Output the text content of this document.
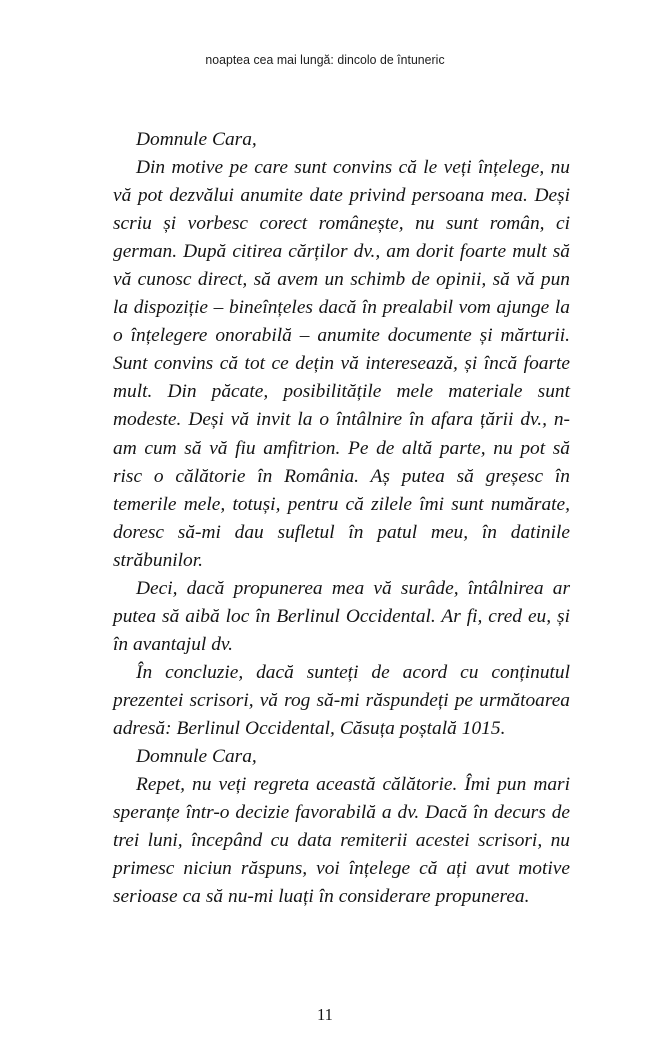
noaptea cea mai lungă: dincolo de întuneric

Domnule Cara,

Din motive pe care sunt convins că le veți înțelege, nu vă pot dezvălui anumite date privind persoana mea. Deși scriu și vorbesc corect românește, nu sunt român, ci german. După citirea cărților dv., am dorit foarte mult să vă cunosc direct, să avem un schimb de opinii, să vă pun la dispoziție – bineînțeles dacă în prealabil vom ajunge la o înțelegere onorabilă – anumite documente și mărturii. Sunt convins că tot ce dețin vă interesează, și încă foarte mult. Din păcate, posibilitățile mele materiale sunt modeste. Deși vă invit la o întâlnire în afara țării dv., n-am cum să vă fiu amfitrion. Pe de altă parte, nu pot să risc o călătorie în România. Aș putea să greșesc în temerile mele, totuși, pentru că zilele îmi sunt numărate, doresc să-mi dau sufletul în patul meu, în datinile străbunilor.

Deci, dacă propunerea mea vă surâde, întâlnirea ar putea să aibă loc în Berlinul Occidental. Ar fi, cred eu, și în avantajul dv.

În concluzie, dacă sunteți de acord cu conținutul prezentei scrisori, vă rog să-mi răspundeți pe următoarea adresă: Berlinul Occidental, Căsuța poștală 1015.

Domnule Cara,

Repet, nu veți regreta această călătorie. Îmi pun mari speranțe într-o decizie favorabilă a dv. Dacă în decurs de trei luni, începând cu data remiterii acestei scrisori, nu primesc niciun răspuns, voi înțelege că ați avut motive serioase ca să nu-mi luați în considerare propunerea.

11
